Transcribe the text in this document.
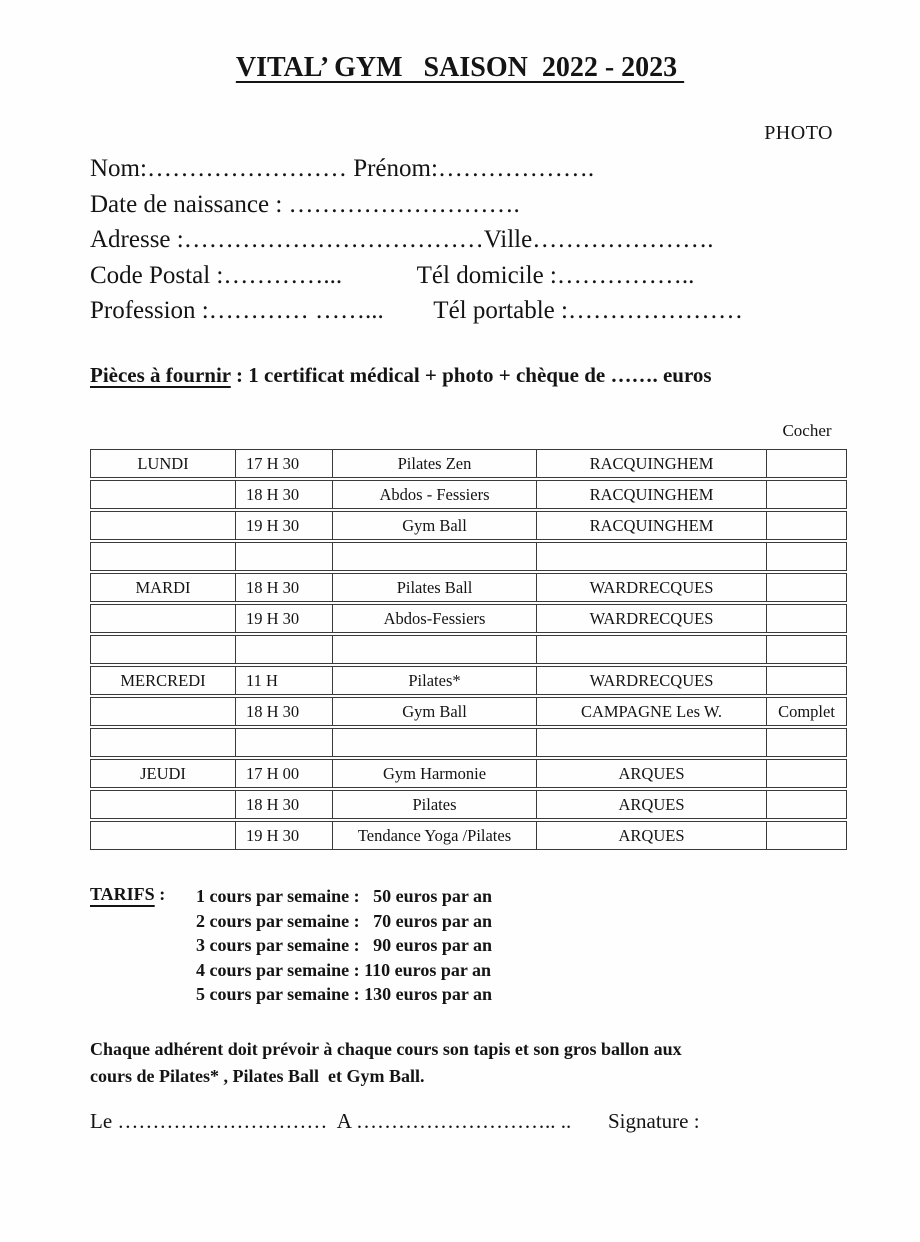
VITAL’ GYM   SAISON  2022 - 2023
PHOTO
Nom:…………………… Prénom:……………….
Date de naissance : ……………………….
Adresse :………………………………Ville………………….
Code Postal :…………...            Tél domicile :……………..
Profession :………… ……...        Tél portable :…………………
Pièces à fournir : 1 certificat médical + photo + chèque de ……. euros
Cocher
LUNDI	17 H 30	Pilates Zen	RACQUINGHEM	
	18 H 30	Abdos - Fessiers	RACQUINGHEM	
	19 H 30	Gym Ball	RACQUINGHEM	

MARDI	18 H 30	Pilates Ball	WARDRECQUES	
	19 H 30	Abdos-Fessiers	WARDRECQUES	

MERCREDI	11 H	Pilates*	WARDRECQUES	
	18 H 30	Gym Ball	CAMPAGNE Les W.	Complet

JEUDI	17 H 00	Gym Harmonie	ARQUES	
	18 H 30	Pilates	ARQUES	
	19 H 30	Tendance Yoga /Pilates	ARQUES	
TARIFS : 1 cours par semaine :   50 euros par an
2 cours par semaine :   70 euros par an
3 cours par semaine :   90 euros par an
4 cours par semaine : 110 euros par an
5 cours par semaine : 130 euros par an
Chaque adhérent doit prévoir à chaque cours son tapis et son gros ballon aux
cours de Pilates* , Pilates Ball  et Gym Ball.
Le …………………………  A ……………………….. ..       Signature :
